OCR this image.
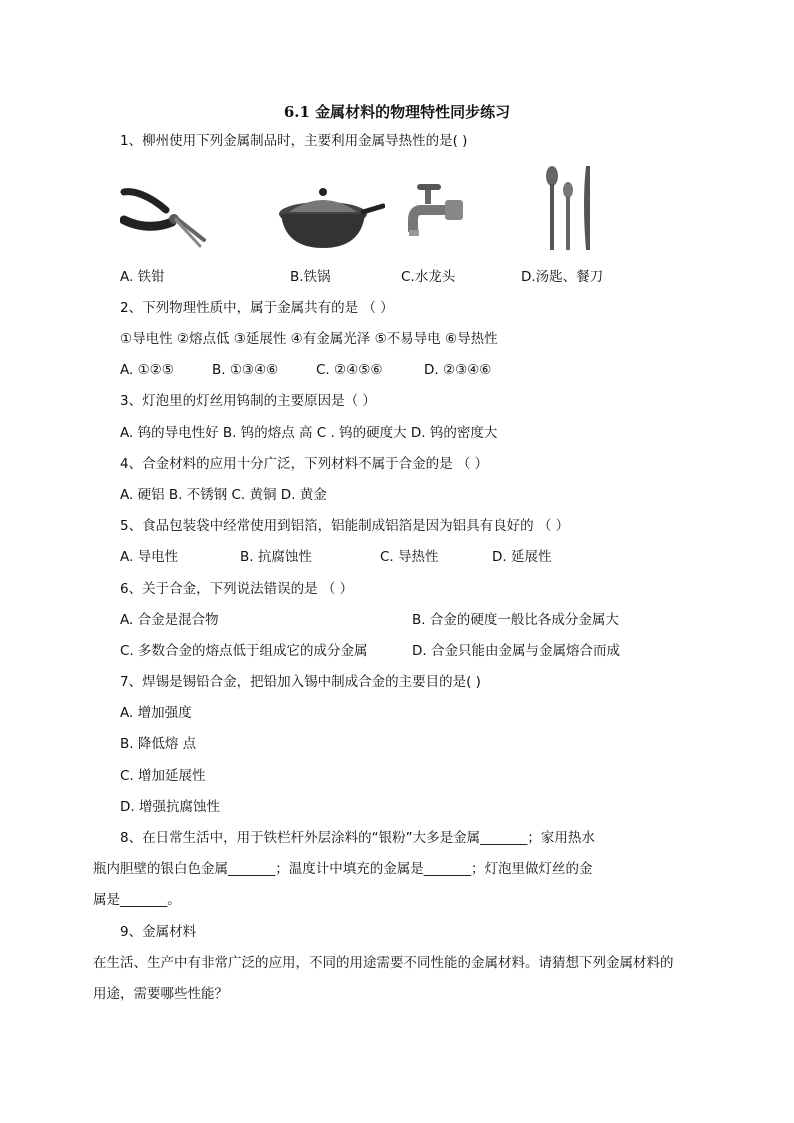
6.1 金属材料的物理特性同步练习
1、柳州使用下列金属制品时，主要利用金属导热性的是( )
A. 铁钳	B.铁锅	C.水龙头	D.汤匙、餐刀
2、下列物理性质中，属于金属共有的是 （ ）
①导电性 ②熔点低 ③延展性 ④有金属光泽 ⑤不易导电 ⑥导热性
A. ①②⑤	B. ①③④⑥	C. ②④⑤⑥	D. ②③④⑥
3、灯泡里的灯丝用钨制的主要原因是（ ）
A. 钨的导电性好 B. 钨的熔点 高 C . 钨的硬度大 D. 钨的密度大
4、合金材料的应用十分广泛，下列材料不属于合金的是 （ ）
A. 硬铝 B. 不锈钢 C. 黄铜 D. 黄金
5、食品包装袋中经常使用到铝箔，铝能制成铝箔是因为铝具有良好的 （ ）
A. 导电性	B. 抗腐蚀性	C. 导热性	D. 延展性
6、关于合金，下列说法错误的是 （ ）
A. 合金是混合物	B. 合金的硬度一般比各成分金属大
C. 多数合金的熔点低于组成它的成分金属	D. 合金只能由金属与金属熔合而成
7、焊锡是锡铅合金，把铅加入锡中制成合金的主要目的是( )
A. 增加强度
B. 降低熔 点
C. 增加延展性
D. 增强抗腐蚀性
8、在日常生活中，用于铁栏杆外层涂料的“银粉”大多是金属_______；家用热水
瓶内胆壁的银白色金属_______；温度计中填充的金属是_______；灯泡里做灯丝的金
属是_______。
9、金属材料
在生活、生产中有非常广泛的应用，不同的用途需要不同性能的金属材料。请猜想下列金属材料的
用途，需要哪些性能？
